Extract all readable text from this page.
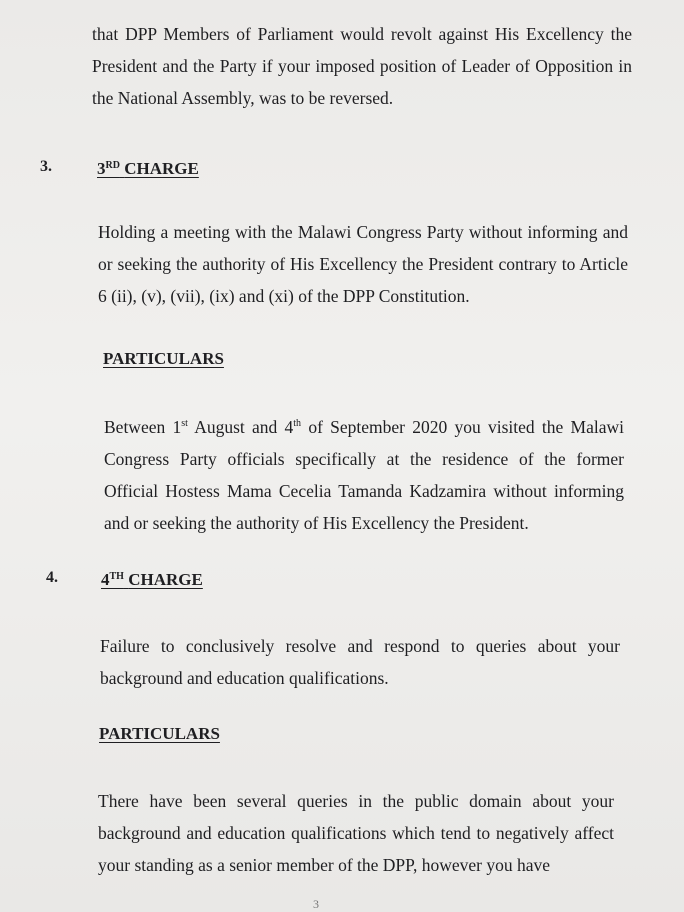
that DPP Members of Parliament would revolt against His Excellency the President and the Party if your imposed position of Leader of Opposition in the National Assembly, was to be reversed.

3.	3RD CHARGE

Holding a meeting with the Malawi Congress Party without informing and or seeking the authority of His Excellency the President contrary to Article 6 (ii), (v), (vii), (ix) and (xi) of the DPP Constitution.

PARTICULARS

Between 1st August and 4th of September 2020 you visited the Malawi Congress Party officials specifically at the residence of the former Official Hostess Mama Cecelia Tamanda Kadzamira without informing and or seeking the authority of His Excellency the President.

4.	4TH CHARGE

Failure to conclusively resolve and respond to queries about your background and education qualifications.

PARTICULARS

There have been several queries in the public domain about your background and education qualifications which tend to negatively affect your standing as a senior member of the DPP, however you have

3
